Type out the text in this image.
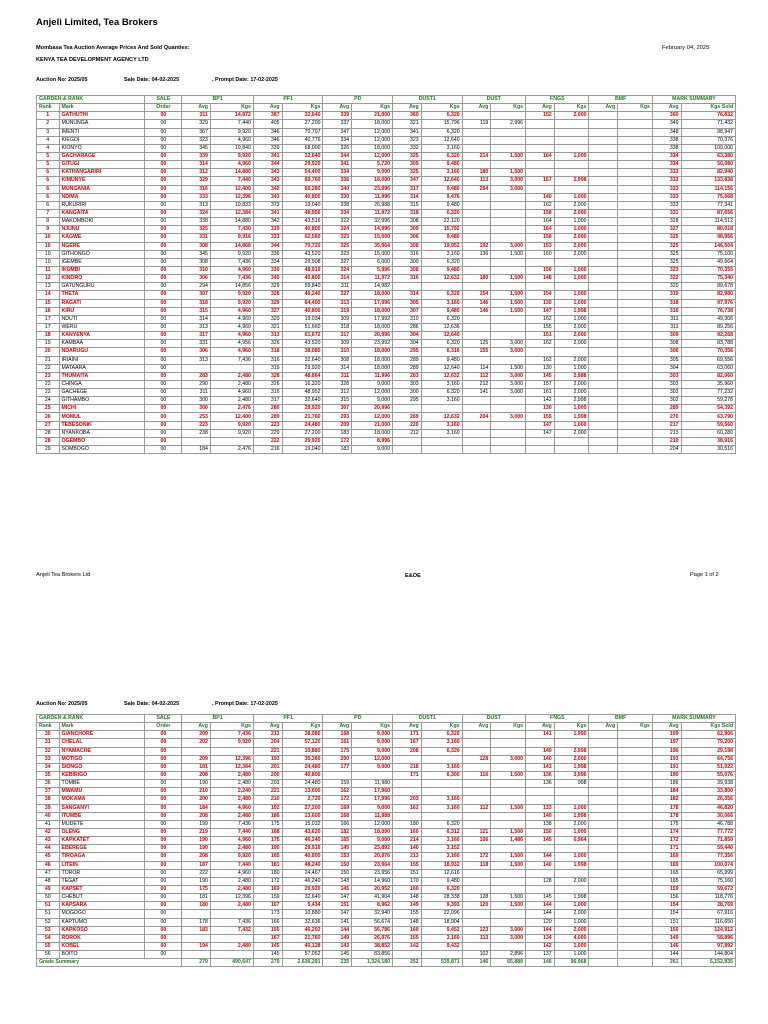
Anjeli Limited, Tea Brokers
Mombasa Tea Auction Average Prices And Sold Quanties:	February 04, 2025
KENYA TEA DEVELOPMENT AGENCY LTD
Auction No: 2025/05	Sale Date: 04-02-2025	, Prompt Date: 17-02-2025
GARDEN & RANK		SALE	BP1		PF1		PD		DUST1		DUST		FNGS		BMF		MARK SUMMARY	
Rank	Mark	Order	Avg	Kgs	Avg	Kgs	Avg	Kgs	Avg	Kgs	Avg	Kgs	Avg	Kgs	Avg	Kgs	Avg	Kgs Sold
1	GATHUTHI	00	311	14,872	387	32,640	339	21,000	360	6,320			152	2,000			360	76,832
2	MUNUNGA	00	329	7,440	405	27,200	337	18,000	321	15,796	119	2,996					349	71,432
3	IMENTI	00	367	9,920	346	70,707	347	12,000	341	6,320							348	98,947
4	KIEGOI	00	323	4,960	346	40,776	334	12,000	323	12,640							338	70,376
4	KIONYO	00	345	19,840	339	68,000	326	18,000	332	3,160							338	109,000
5	GACHARAGE	00	339	9,920	341	32,640	344	12,000	325	6,320	214	1,500	164	1,000			334	63,380
5	GITUGI	00	314	4,960	344	29,920	341	5,720	309	9,480							334	50,080
6	KATHANGARIRI	00	312	14,880	343	54,400	334	9,000	325	3,160	180	1,500					333	82,940
6	KIMUNYE	00	329	7,440	343	89,760	336	18,000	347	12,640	113	3,000	157	2,998			333	133,838
6	MUNGANIA	00	316	12,400	342	66,280	340	23,996	317	9,480	264	3,000					333	114,156
6	NDIMA	00	333	12,396	343	40,800	330	11,996	314	9,476			140	1,000			333	75,668
6	RUKURIRI	00	313	19,833	373	19,040	338	26,988	315	9,480			162	2,000			333	77,341
7	KANGAITA	00	324	12,384	341	48,956	334	11,972	318	6,320			158	2,000			331	87,656
8	MAKOMBOKI	00	338	14,880	342	43,516	322	32,996	308	22,120			164	1,000			328	114,512
9	NJUNU	00	325	7,430	339	40,800	324	14,996	309	15,792			164	1,000			327	80,018
10	KAGWE	00	331	9,916	333	62,560	323	15,000	306	9,480			158	2,000			325	98,956
10	NGERE	00	308	14,868	344	70,720	325	35,964	308	19,952	192	3,000	153	2,000			325	146,504
10	GITHONGO	00	345	9,920	336	43,520	323	15,000	316	3,160	136	1,500	160	2,000			325	75,100
10	IGEMBE	00	308	7,436	334	29,908	327	6,000	300	6,320							325	49,664
11	IKUMBI	00	310	4,960	330	48,919	324	5,996	308	9,480			156	1,000			323	70,355
12	KINORO	00	306	7,436	340	40,800	314	11,972	316	12,632	180	1,500	148	1,000			322	75,340
13	GATUNGURU	00	294	14,856	329	59,840	311	14,982									320	89,678
14	THETA	00	307	9,920	328	46,240	327	18,000	314	6,320	154	1,500	154	1,000			319	82,980
15	RAGATI	00	318	9,920	329	64,400	313	17,996	305	3,160	146	1,500	130	1,000			318	97,976
16	KIRU	00	315	4,960	327	40,800	319	18,000	307	9,480	146	1,500	147	1,998			316	76,738
17	NDUTI	00	314	4,960	320	19,034	309	17,992	310	6,320			162	1,000			311	49,306
17	WERU	00	313	4,960	321	51,660	318	18,000	286	12,636			155	2,000			311	89,256
18	KANYENYA	00	317	4,960	313	61,672	317	20,996	304	12,640			151	2,000			309	92,268
19	KAMBAA	00	331	4,956	326	43,520	309	23,992	304	6,320	125	3,000	162	2,000			308	83,788
20	NDARUGU	00	306	4,960	318	38,080	310	18,000	295	6,316	155	3,000					306	70,356
21	IRIAINI	00	313	7,436	316	32,640	308	18,000	289	9,480			162	2,000			305	69,556
22	MATAARA	00			319	29,920	314	18,000	289	12,640	114	1,500	130	1,000			304	63,060
23	THUMAITA	00	283	2,480	328	48,864	311	11,996	283	12,632	112	3,000	145	2,988			303	82,060
22	CHINGA	00	290	2,480	326	16,320	328	9,000	303	3,160	212	3,000	157	2,000			303	35,960
22	GACHEGE	00	311	4,960	316	48,952	312	12,000	300	6,320	141	3,000	161	2,000			303	77,232
24	GITHAMBO	00	300	2,480	317	32,640	315	9,000	295	3,160			142	2,998			302	59,278
25	MICHI	00	300	2,476	280	29,920	307	20,996					130	1,000			289	54,392
26	MOMUL	00	253	12,400	289	21,760	293	12,000	269	12,632	204	3,000	155	1,998			270	63,790
27	TEBESONIK	00	223	9,920	223	24,480	209	21,000	220	3,160			147	1,000			217	59,560
28	NYANKOBA	00	238	9,920	229	27,200	183	18,000	212	3,160			147	2,000			213	60,280
28	OGEMBO	00			222	29,920	172	8,996									210	38,916
29	SOMBOGO	00	184	2,476	216	19,040	183	9,000									204	30,516
Anjeli Tea Brokers Ltd	E&OE	Page 1 of 2
Auction No: 2025/05	Sale Date: 04-02-2025	, Prompt Date: 17-02-2025
GARDEN & RANK		SALE	BP1		PF1		PD		DUST1		DUST		FNGS		BMF		MARK SUMMARY	
Rank	Mark	Order	Avg	Kgs	Avg	Kgs	Avg	Kgs	Avg	Kgs	Avg	Kgs	Avg	Kgs	Avg	Kgs	Avg	Kgs Sold
30	GIANCHORE	00	209	7,436	213	38,080	168	9,000	171	6,320			141	1,990			199	62,806
31	CHELAL	00	202	9,920	204	57,120	161	9,000	167	3,160							197	79,200
32	NYAMACHE	00			221	10,880	175	9,000	208	6,320			149	2,998			196	29,198
33	MOTIGO	00	209	12,396	193	35,360	200	12,000			128	3,000	140	2,000			193	64,756
34	SIONGO	00	181	12,384	201	24,480	177	9,000	218	3,160			143	1,998			191	51,022
35	KEBIRIGO	00	208	2,480	200	40,800			171	6,300	116	1,500	136	3,996			190	55,076
36	TOMBE	00	190	2,480	203	24,480	159	11,980					136	998			186	39,938
37	MWAMU	00	210	2,240	221	13,600	162	17,960									184	33,800
38	MOKAMA	00	200	2,480	210	2,720	172	17,996	203	3,160							182	26,356
39	SANGANYI	00	184	4,960	192	27,200	169	9,000	162	3,160	112	1,500	133	1,000			178	46,820
40	ITUMBE	00	208	2,480	186	13,600	168	11,988					140	1,998			178	30,066
41	MUDETE	00	199	7,436	175	15,032	166	12,000	180	6,320			138	2,000			175	46,788
42	OLENG	00	219	7,440	168	43,620	182	18,000	160	6,312	121	1,500	150	1,000			174	77,772
43	KAPKATET	00	190	4,960	175	46,240	165	9,000	214	3,160	106	1,486	145	6,964			172	71,850
44	EBEREGE	00	190	2,480	190	29,916	145	23,892	140	3,152							171	59,440
45	TIROAGA	00	208	9,920	165	40,800	153	20,976	213	3,160	172	1,500	144	1,000			169	77,356
46	LITEIN	00	187	7,440	181	48,240	150	23,964	155	18,932	118	1,500	140	1,998			169	100,074
47	TOROR	00	222	4,960	180	24,467	150	23,956	151	12,616							165	65,999
48	TEGAT	00	190	2,480	172	46,240	143	14,960	170	9,480			128	2,000			165	75,160
49	KAPSET	00	175	2,480	169	29,920	145	20,952	160	6,320							159	59,672
50	CHEBUT	00	181	12,396	159	32,640	147	41,904	148	28,338	128	1,500	145	1,998			156	118,776
51	KAPSARA	00	180	2,480	167	5,434	151	8,962	149	9,393	120	1,500	144	1,000			154	28,769
51	MOGOGO	00			173	10,880	147	32,940	155	22,096			144	2,000			154	67,916
52	KAPTUMO	00	178	7,436	166	32,636	141	56,674	148	18,904			120	1,000			151	116,650
53	KAPKOSO	00	183	7,432	155	46,202	144	56,786	160	9,452	123	3,000	144	2,000			150	124,912
54	ROROK	00			167	21,760	149	26,976	155	3,160	113	3,000	134	4,000			149	58,896
55	KOBEL	00	194	2,480	145	40,128	143	38,852	142	9,432			142	1,000			146	97,892
56	BOITO	00			145	57,052	145	83,856			102	2,896	137	1,000			144	144,804
Grade Summary			279	490,647	279	2,636,291	235	1,324,180	252	539,871	146	65,888	146	96,968			261	5,152,835
